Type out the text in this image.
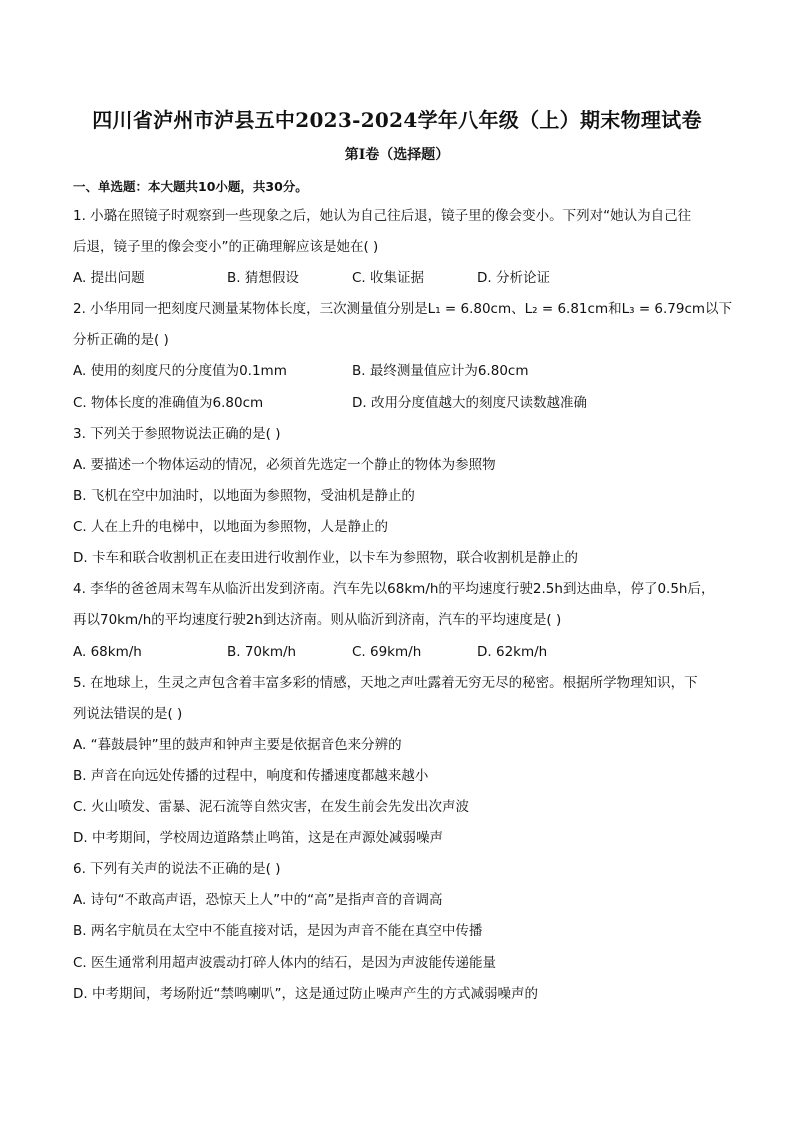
四川省泸州市泸县五中2023-2024学年八年级（上）期末物理试卷
第Ⅰ卷（选择题）
一、单选题：本大题共10小题，共30分。
1. 小璐在照镜子时观察到一些现象之后，她认为自己往后退，镜子里的像会变小。下列对“她认为自己往
后退，镜子里的像会变小”的正确理解应该是她在( )
A. 提出问题	B. 猜想假设	C. 收集证据	D. 分析论证
2. 小华用同一把刻度尺测量某物体长度，三次测量值分别是L₁ = 6.80cm、L₂ = 6.81cm和L₃ = 6.79cm以下
分析正确的是( )
A. 使用的刻度尺的分度值为0.1mm	B. 最终测量值应计为6.80cm
C. 物体长度的准确值为6.80cm	D. 改用分度值越大的刻度尺读数越准确
3. 下列关于参照物说法正确的是( )
A. 要描述一个物体运动的情况，必须首先选定一个静止的物体为参照物
B. 飞机在空中加油时，以地面为参照物，受油机是静止的
C. 人在上升的电梯中，以地面为参照物，人是静止的
D. 卡车和联合收割机正在麦田进行收割作业，以卡车为参照物，联合收割机是静止的
4. 李华的爸爸周末驾车从临沂出发到济南。汽车先以68km/h的平均速度行驶2.5h到达曲阜，停了0.5h后，
再以70km/h的平均速度行驶2h到达济南。则从临沂到济南，汽车的平均速度是( )
A. 68km/h	B. 70km/h	C. 69km/h	D. 62km/h
5. 在地球上，生灵之声包含着丰富多彩的情感，天地之声吐露着无穷无尽的秘密。根据所学物理知识，下
列说法错误的是( )
A. “暮鼓晨钟”里的鼓声和钟声主要是依据音色来分辨的
B. 声音在向远处传播的过程中，响度和传播速度都越来越小
C. 火山喷发、雷暴、泥石流等自然灾害，在发生前会先发出次声波
D. 中考期间，学校周边道路禁止鸣笛，这是在声源处减弱噪声
6. 下列有关声的说法不正确的是( )
A. 诗句“不敢高声语，恐惊天上人”中的“高”是指声音的音调高
B. 两名宇航员在太空中不能直接对话，是因为声音不能在真空中传播
C. 医生通常利用超声波震动打碎人体内的结石，是因为声波能传递能量
D. 中考期间，考场附近“禁鸣喇叭”，这是通过防止噪声产生的方式减弱噪声的
